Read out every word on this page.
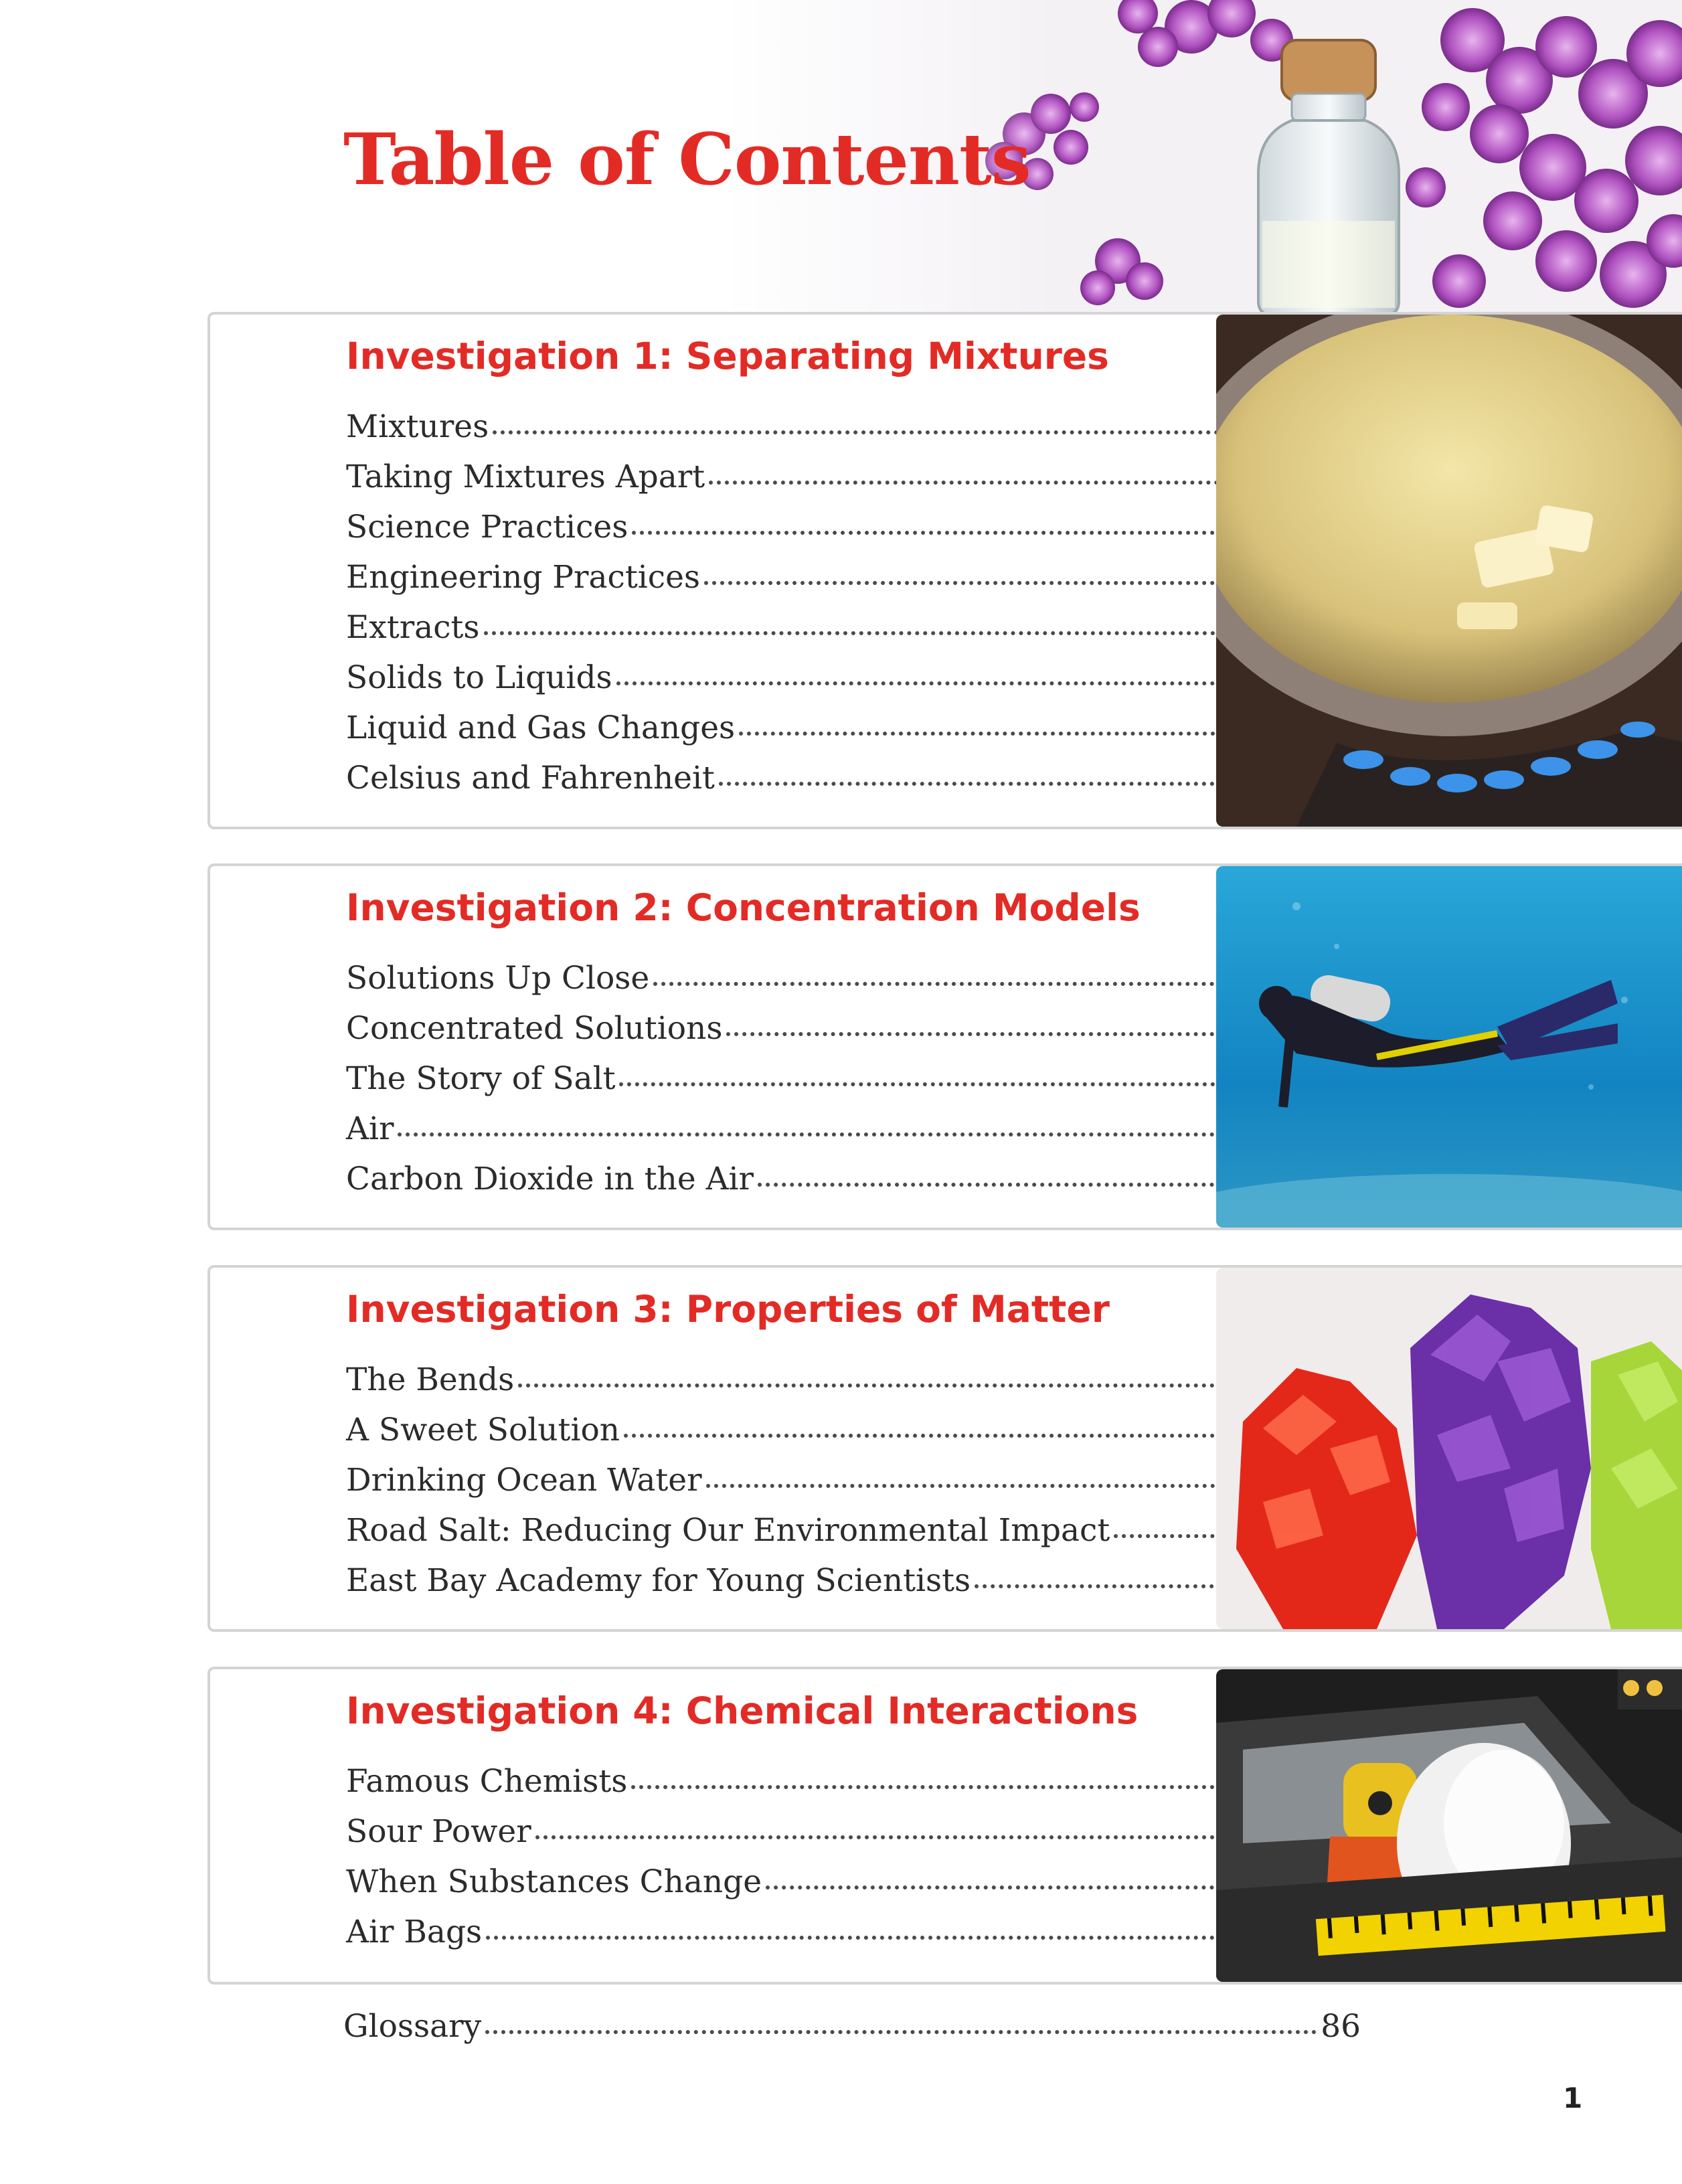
Table of Contents
Investigation 1: Separating Mixtures
Mixtures
Taking Mixtures Apart
Science Practices
Engineering Practices
Extracts
Solids to Liquids
Liquid and Gas Changes
Celsius and Fahrenheit
Investigation 2: Concentration Models
Solutions Up Close
Concentrated Solutions
The Story of Salt
Air
Carbon Dioxide in the Air
Investigation 3: Properties of Matter
The Bends
A Sweet Solution
Drinking Ocean Water
Road Salt: Reducing Our Environmental Impact
East Bay Academy for Young Scientists
Investigation 4: Chemical Interactions
Famous Chemists
Sour Power
When Substances Change
Air Bags
Glossary	86
1
